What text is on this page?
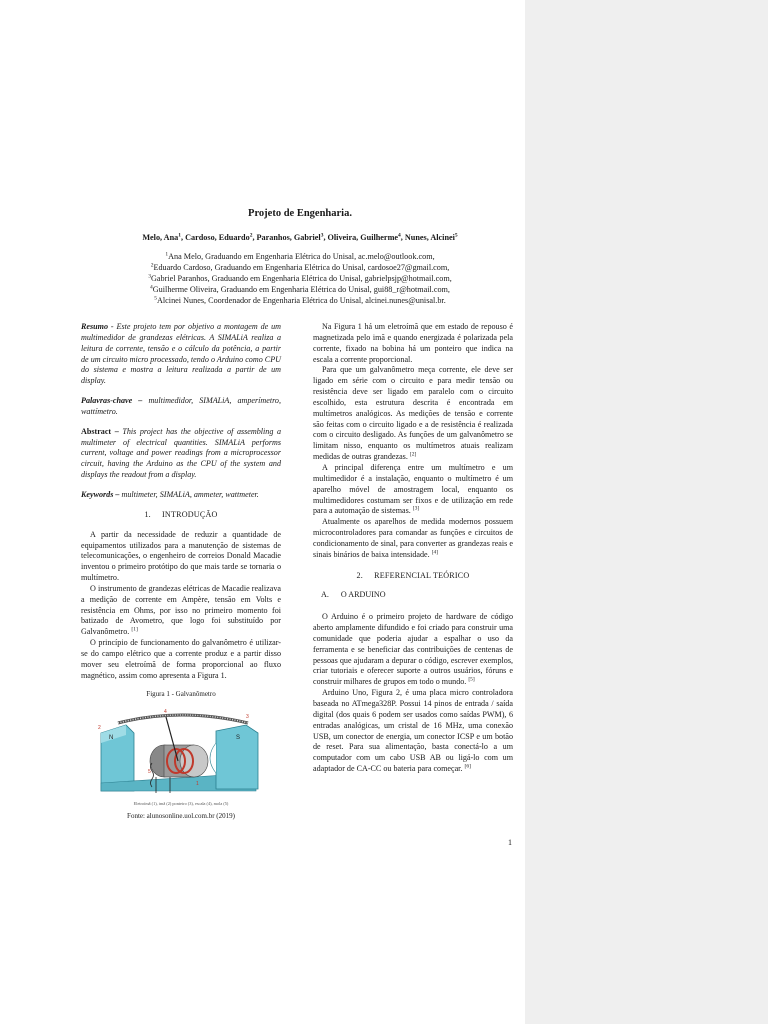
Projeto de Engenharia.
Melo, Ana$^1$, Cardoso, Eduardo$^2$, Paranhos, Gabriel$^3$, Oliveira, Guilherme$^4$, Nunes, Alcinei$^5$
$^1$Ana Melo, Graduando em Engenharia Elétrica do Unisal, ac.melo@outlook.com,
$^2$Eduardo Cardoso, Graduando em Engenharia Elétrica do Unisal, cardosoe27@gmail.com,
$^3$Gabriel Paranhos, Graduando em Engenharia Elétrica do Unisal, gabrielpsjp@hotmail.com,
$^4$Guilherme Oliveira, Graduando em Engenharia Elétrica do Unisal, gui88_r@hotmail.com,
$^5$Alcinei Nunes, Coordenador de Engenharia Elétrica do Unisal, alcinei.nunes@unisal.br.

Resumo - Este projeto tem por objetivo a montagem de um multimedidor de grandezas elétricas. A SIMALiA realiza a leitura de corrente, tensão e o cálculo da potência, a partir de um circuito micro processado, tendo o Arduino como CPU do sistema e mostra a leitura realizada a partir de um display.

Palavras-chave – multimedidor, SIMALiA, amperímetro, wattímetro.

Abstract – This project has the objective of assembling a multimeter of electrical quantities. SIMALiA performs current, voltage and power readings from a microprocessor circuit, having the Arduino as the CPU of the system and displays the readout from a display.

Keywords – multimeter, SIMALiA, ammeter, wattmeter.

1.     INTRODUÇÃO

A partir da necessidade de reduzir a quantidade de equipamentos utilizados para a manutenção de sistemas de telecomunicações, o engenheiro de correios Donald Macadie inventou o primeiro protótipo do que mais tarde se tornaria o multímetro.

O instrumento de grandezas elétricas de Macadie realizava a medição de corrente em Ampère, tensão em Volts e resistência em Ohms, por isso no primeiro momento foi batizado de Avometro, que logo foi substituído por Galvanômetro. [1]

O princípio de funcionamento do galvanômetro é utilizar-se do campo elétrico que a corrente produz e a partir disso mover seu eletroímã de forma proporcional ao fluxo magnético, assim como apresenta a Figura 1.

Figura 1 - Galvanômetro
N	S
2
4
3
5
1
Eletroímã (1), imã (2) ponteiro (3), escala (4), mola (5)
Fonte: alunosonline.uol.com.br (2019)

Na Figura 1 há um eletroímã que em estado de repouso é magnetizada pelo imã e quando energizada é polarizada pela corrente, fixado na bobina há um ponteiro que indica na escala a corrente proporcional.

Para que um galvanômetro meça corrente, ele deve ser ligado em série com o circuito e para medir tensão ou resistência deve ser ligado em paralelo com o circuito escolhido, esta estrutura descrita é encontrada em multímetros analógicos. As medições de tensão e corrente são feitas com o circuito ligado e a de resistência é realizada com o circuito desligado. As funções de um galvanômetro se limitam nisso, enquanto os multímetros atuais realizam medidas de outras grandezas. [2]

A principal diferença entre um multímetro e um multimedidor é a instalação, enquanto o multímetro é um aparelho móvel de amostragem local, enquanto os multimedidores costumam ser fixos e de utilização em rede para a automação de sistemas. [3]

Atualmente os aparelhos de medida modernos possuem microcontroladores para comandar as funções e circuitos de condicionamento de sinal, para converter as grandezas reais e sinais binários de baixa intensidade. [4]

2.     REFERENCIAL TEÓRICO

A. O ARDUINO

O Arduino é o primeiro projeto de hardware de código aberto amplamente difundido e foi criado para construir uma comunidade que poderia ajudar a espalhar o uso da ferramenta e se beneficiar das contribuições de centenas de pessoas que ajudaram a depurar o código, escrever exemplos, criar tutoriais e oferecer suporte a outros usuários, fóruns e construir milhares de grupos em todo o mundo. [5]

Arduino Uno, Figura 2, é uma placa micro controladora baseada no ATmega328P. Possui 14 pinos de entrada / saída digital (dos quais 6 podem ser usados como saídas PWM), 6 entradas analógicas, um cristal de 16 MHz, uma conexão USB, um conector de energia, um conector ICSP e um botão de reset. Para sua alimentação, basta conectá-lo a um computador com um cabo USB AB ou ligá-lo com um adaptador de CA-CC ou bateria para começar. [6]

1
